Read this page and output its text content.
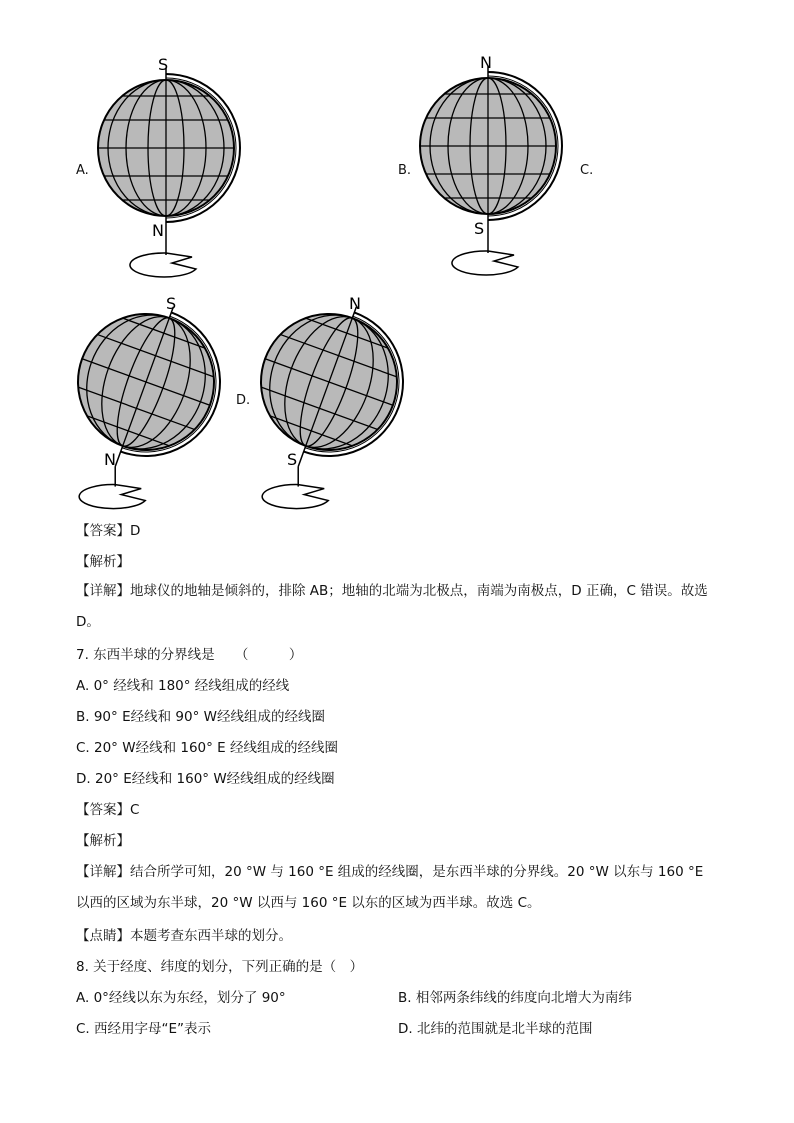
S
N
N
S
S
N
N
S
A.	B.	C.
D.
【答案】D
【解析】
【详解】地球仪的地轴是倾斜的，排除 AB；地轴的北端为北极点，南端为南极点，D 正确，C 错误。故选D。
7. 东西半球的分界线是　　（　　　）
A. 0° 经线和 180° 经线组成的经线
B. 90° E经线和 90° W经线组成的经线圈
C. 20° W经线和 160° E 经线组成的经线圈
D. 20° E经线和 160° W经线组成的经线圈
【答案】C
【解析】
【详解】结合所学可知，20 °W 与 160 °E 组成的经线圈，是东西半球的分界线。20 °W 以东与 160 °E 以西的区域为东半球，20 °W 以西与 160 °E 以东的区域为西半球。故选 C。
【点睛】本题考查东西半球的划分。
8. 关于经度、纬度的划分，下列正确的是（　）
A. 0°经线以东为东经，划分了 90°	B. 相邻两条纬线的纬度向北增大为南纬
C. 西经用字母“E”表示	D. 北纬的范围就是北半球的范围
